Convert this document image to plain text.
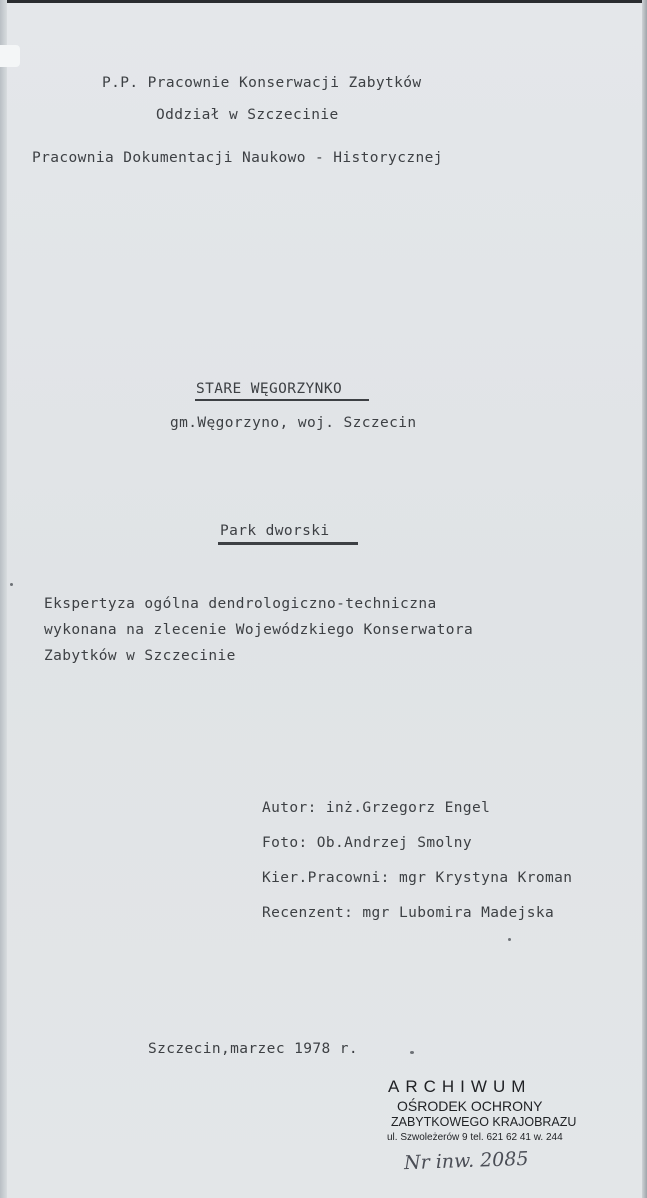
P.P. Pracownie Konserwacji Zabytków
Oddział w Szczecinie
Pracownia Dokumentacji Naukowo - Historycznej
STARE WĘGORZYNKO
gm.Węgorzyno, woj. Szczecin
Park dworski
Ekspertyza ogólna dendrologiczno-techniczna
wykonana na zlecenie Wojewódzkiego Konserwatora
Zabytków w Szczecinie
Autor: inż.Grzegorz Engel
Foto: Ob.Andrzej Smolny
Kier.Pracowni: mgr Krystyna Kroman
Recenzent: mgr Lubomira Madejska
Szczecin,marzec 1978 r.
ARCHIWUM
OŚRODEK OCHRONY
ZABYTKOWEGO KRAJOBRAZU
ul. Szwoleżerów 9 tel. 621 62 41 w. 244
Nr inw. 2085
